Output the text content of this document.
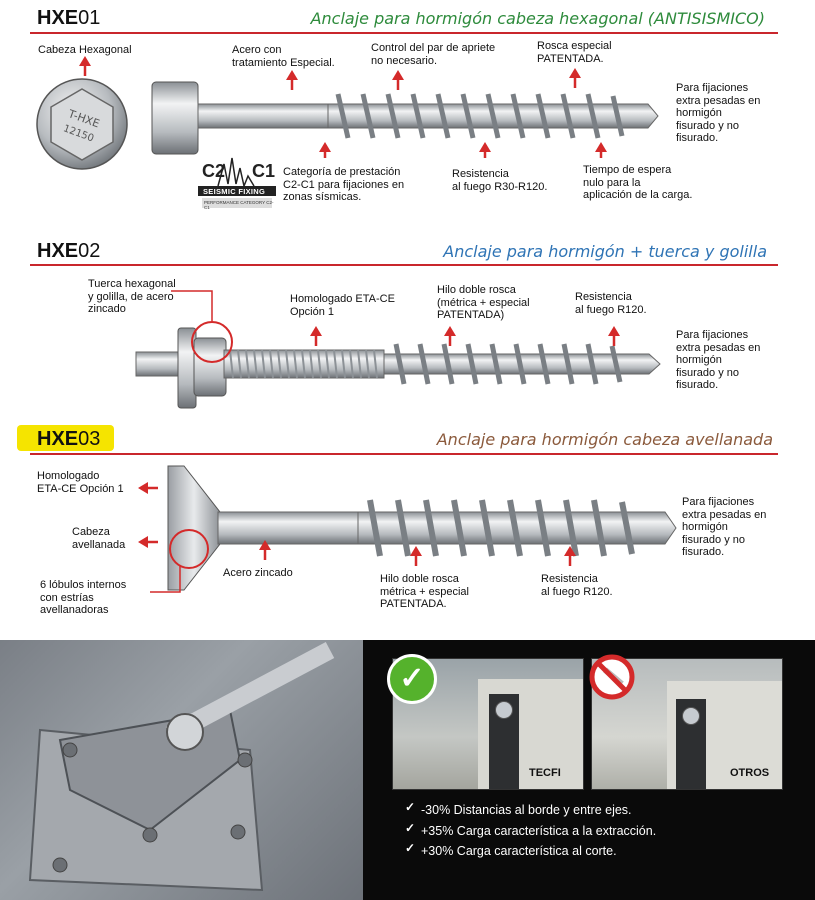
HXE01	Anclaje para hormigón cabeza hexagonal (ANTISISMICO)
T-HXE
12150
C2 C1
SEISMIC FIXING
PERFORMANCE CATEGORY C2-C1
Cabeza Hexagonal	Acero con
tratamiento Especial.
Control del par de apriete
no necesario.
Rosca especial
PATENTADA.
Para fijaciones
extra pesadas en
hormigón
fisurado y no
fisurado.
Categoría de prestación
C2-C1 para fijaciones en
zonas sísmicas.
Resistencia
al fuego R30-R120.
Tiempo de espera
nulo para la
aplicación de la carga.
HXE02	Anclaje para hormigón + tuerca y golilla
Tuerca hexagonal
y golilla, de acero
zincado
Homologado ETA-CE
Opción 1
Hilo doble rosca
(métrica + especial
PATENTADA)
Resistencia
al fuego R120.
Para fijaciones
extra pesadas en
hormigón
fisurado y no
fisurado.
HXE03	Anclaje para hormigón cabeza avellanada
Homologado
ETA-CE Opción 1
Cabeza
avellanada
6 lóbulos internos
con estrías
avellanadoras
Acero zincado	Hilo doble rosca
métrica + especial
PATENTADA.
Resistencia
al fuego R120.
Para fijaciones
extra pesadas en
hormigón
fisurado y no
fisurado.
TECFI
✓
OTROS
✓ -30% Distancias al borde y entre ejes.
✓ +35% Carga característica a la extracción.
✓ +30% Carga característica al corte.
